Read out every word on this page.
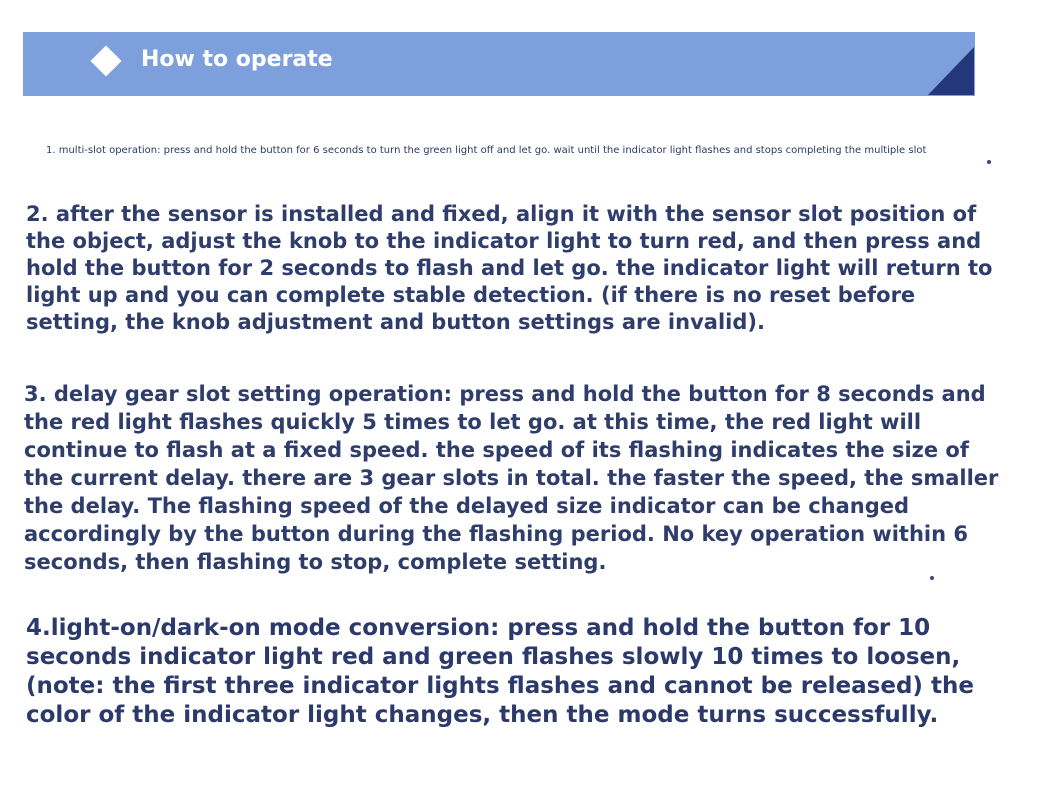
How to operate
1. multi-slot operation: press and hold the button for 6 seconds to turn the green light off and let go. wait until the indicator light flashes and stops completing the multiple slot

2. after the sensor is installed and fixed, align it with the sensor slot position of the object, adjust the knob to the indicator light to turn red, and then press and hold the button for 2 seconds to flash and let go. the indicator light will return to light up and you can complete stable detection. (if there is no reset before setting, the knob adjustment and button settings are invalid).

3. delay gear slot setting operation: press and hold the button for 8 seconds and the red light flashes quickly 5 times to let go. at this time, the red light will continue to flash at a fixed speed. the speed of its flashing indicates the size of the current delay. there are 3 gear slots in total. the faster the speed, the smaller the delay. The flashing speed of the delayed size indicator can be changed accordingly by the button during the flashing period. No key operation within 6 seconds, then flashing to stop, complete setting.

4.light-on/dark-on mode conversion: press and hold the button for 10 seconds indicator light red and green flashes slowly 10 times to loosen, (note: the first three indicator lights flashes and cannot be released) the color of the indicator light changes, then the mode turns successfully.
